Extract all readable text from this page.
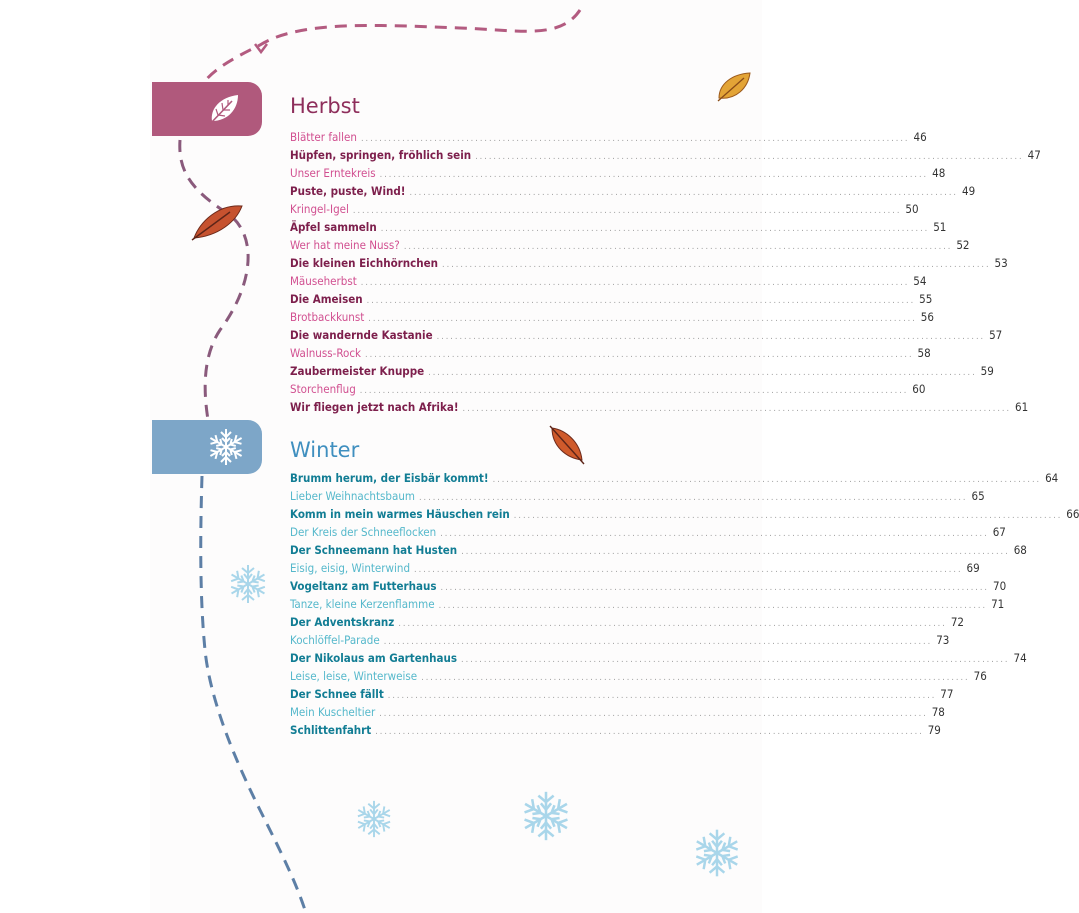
Herbst
Winter
Blätter fallen ........................................................................................................................ 46
Hüpfen, springen, fröhlich sein ........................................................................................................................ 47
Unser Erntekreis ........................................................................................................................ 48
Puste, puste, Wind! ........................................................................................................................ 49
Kringel-Igel ........................................................................................................................ 50
Äpfel sammeln ........................................................................................................................ 51
Wer hat meine Nuss? ........................................................................................................................ 52
Die kleinen Eichhörnchen ........................................................................................................................ 53
Mäuseherbst ........................................................................................................................ 54
Die Ameisen ........................................................................................................................ 55
Brotbackkunst ........................................................................................................................ 56
Die wandernde Kastanie ........................................................................................................................ 57
Walnuss-Rock ........................................................................................................................ 58
Zaubermeister Knuppe ........................................................................................................................ 59
Storchenflug ........................................................................................................................ 60
Wir fliegen jetzt nach Afrika! ........................................................................................................................ 61
Brumm herum, der Eisbär kommt! ........................................................................................................................ 64
Lieber Weihnachtsbaum ........................................................................................................................ 65
Komm in mein warmes Häuschen rein ........................................................................................................................ 66
Der Kreis der Schneeflocken ........................................................................................................................ 67
Der Schneemann hat Husten ........................................................................................................................ 68
Eisig, eisig, Winterwind ........................................................................................................................ 69
Vogeltanz am Futterhaus ........................................................................................................................ 70
Tanze, kleine Kerzenflamme ........................................................................................................................ 71
Der Adventskranz ........................................................................................................................ 72
Kochlöffel-Parade ........................................................................................................................ 73
Der Nikolaus am Gartenhaus ........................................................................................................................ 74
Leise, leise, Winterweise ........................................................................................................................ 76
Der Schnee fällt ........................................................................................................................ 77
Mein Kuscheltier ........................................................................................................................ 78
Schlittenfahrt ........................................................................................................................ 79
